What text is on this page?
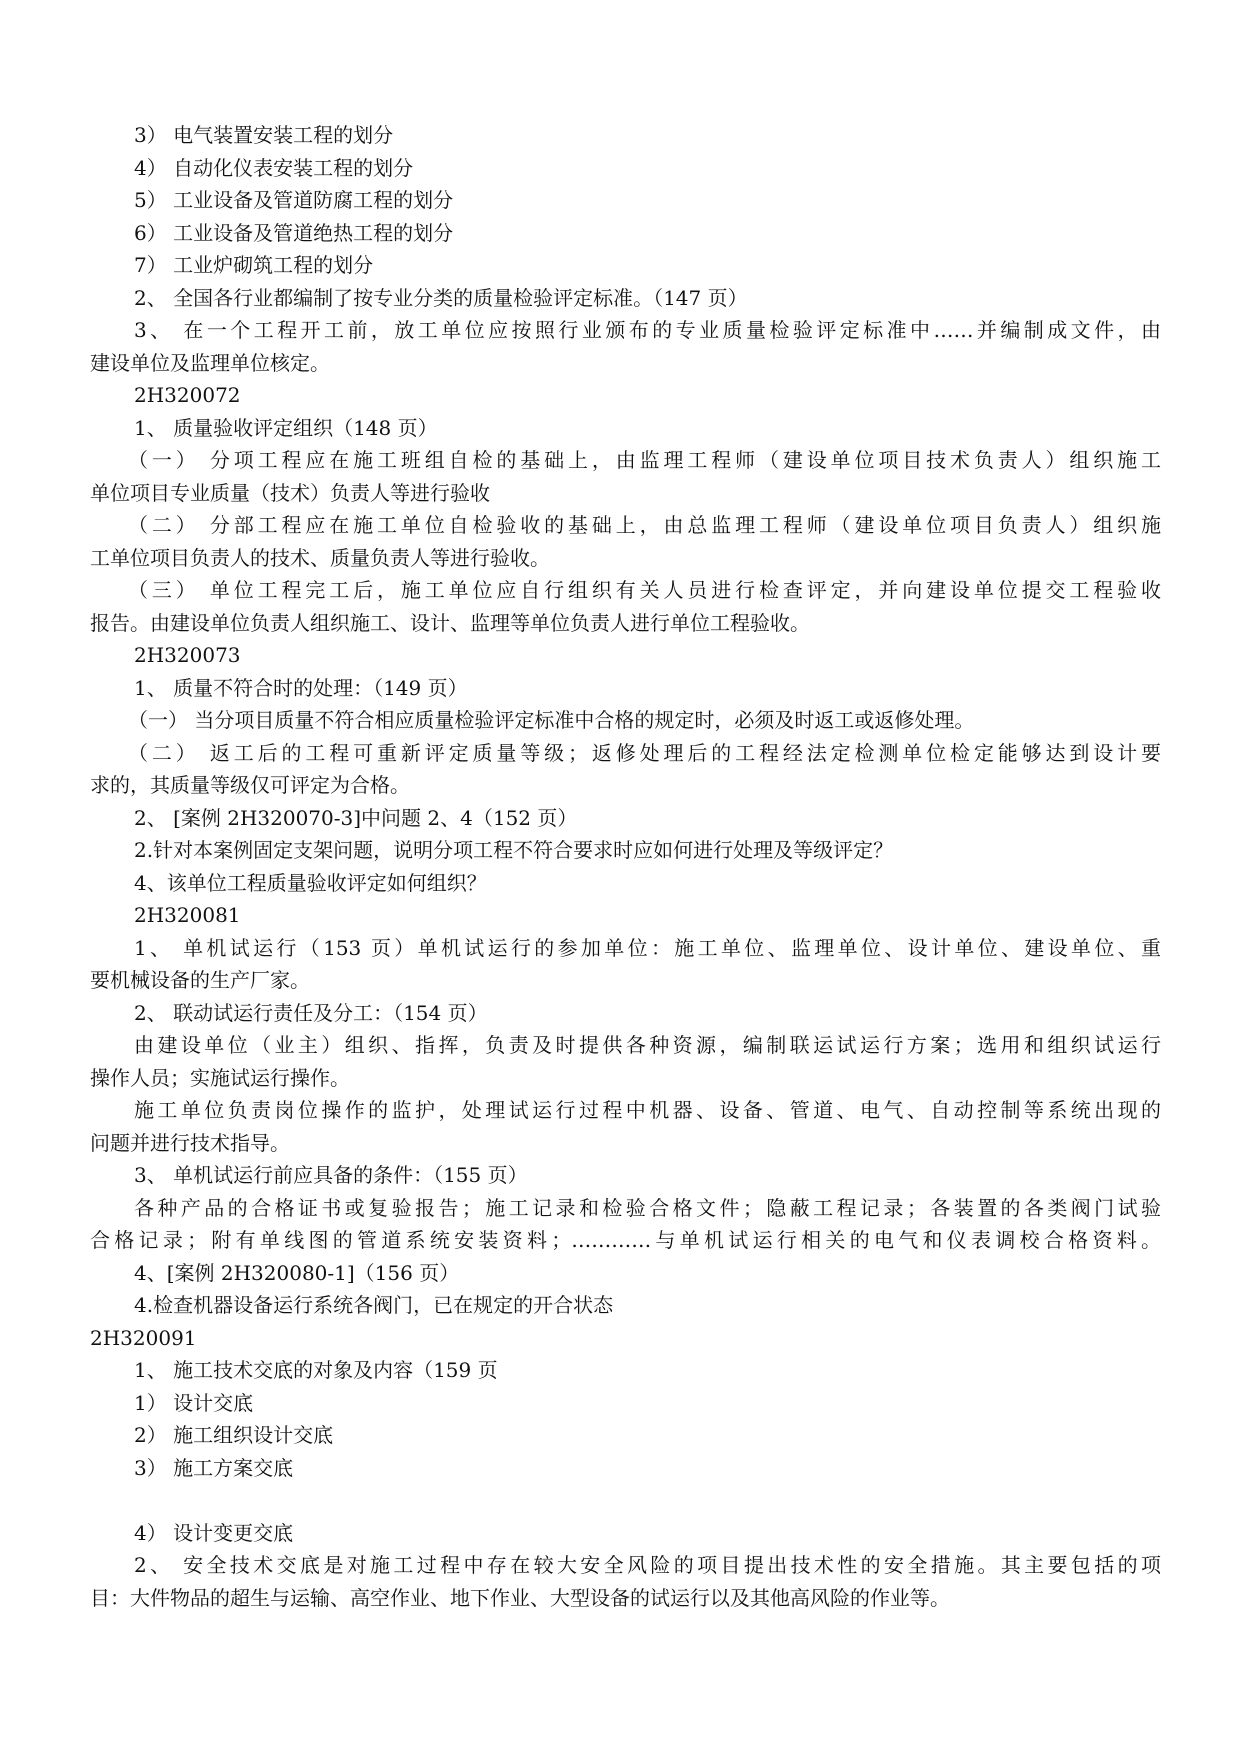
3） 电气装置安装工程的划分
4） 自动化仪表安装工程的划分
5） 工业设备及管道防腐工程的划分
6） 工业设备及管道绝热工程的划分
7） 工业炉砌筑工程的划分
2、 全国各行业都编制了按专业分类的质量检验评定标准。（147 页）
3、 在一个工程开工前，放工单位应按照行业颁布的专业质量检验评定标准中……并编制成文件，由
建设单位及监理单位核定。
2H320072
1、 质量验收评定组织（148 页）
（一） 分项工程应在施工班组自检的基础上，由监理工程师（建设单位项目技术负责人）组织施工
单位项目专业质量（技术）负责人等进行验收
（二） 分部工程应在施工单位自检验收的基础上，由总监理工程师（建设单位项目负责人）组织施
工单位项目负责人的技术、质量负责人等进行验收。
（三） 单位工程完工后，施工单位应自行组织有关人员进行检查评定，并向建设单位提交工程验收
报告。由建设单位负责人组织施工、设计、监理等单位负责人进行单位工程验收。
2H320073
1、 质量不符合时的处理：（149 页）
（一） 当分项目质量不符合相应质量检验评定标准中合格的规定时，必须及时返工或返修处理。
（二） 返工后的工程可重新评定质量等级；返修处理后的工程经法定检测单位检定能够达到设计要
求的，其质量等级仅可评定为合格。
2、 [案例 2H320070-3]中问题 2、4（152 页）
2.针对本案例固定支架问题，说明分项工程不符合要求时应如何进行处理及等级评定？
4、该单位工程质量验收评定如何组织？
2H320081
1、 单机试运行（153 页）单机试运行的参加单位：施工单位、监理单位、设计单位、建设单位、重
要机械设备的生产厂家。
2、 联动试运行责任及分工：（154 页）
由建设单位（业主）组织、指挥，负责及时提供各种资源，编制联运试运行方案；选用和组织试运行
操作人员；实施试运行操作。
施工单位负责岗位操作的监护，处理试运行过程中机器、设备、管道、电气、自动控制等系统出现的
问题并进行技术指导。
3、 单机试运行前应具备的条件：（155 页）
各种产品的合格证书或复验报告；施工记录和检验合格文件；隐蔽工程记录；各装置的各类阀门试验
合格记录；附有单线图的管道系统安装资料；…………与单机试运行相关的电气和仪表调校合格资料。
4、[案例 2H320080-1]（156 页）
4.检查机器设备运行系统各阀门，已在规定的开合状态
2H320091
1、 施工技术交底的对象及内容（159 页
1） 设计交底
2） 施工组织设计交底
3） 施工方案交底
4） 设计变更交底
2、 安全技术交底是对施工过程中存在较大安全风险的项目提出技术性的安全措施。其主要包括的项
目：大件物品的超生与运输、高空作业、地下作业、大型设备的试运行以及其他高风险的作业等。
